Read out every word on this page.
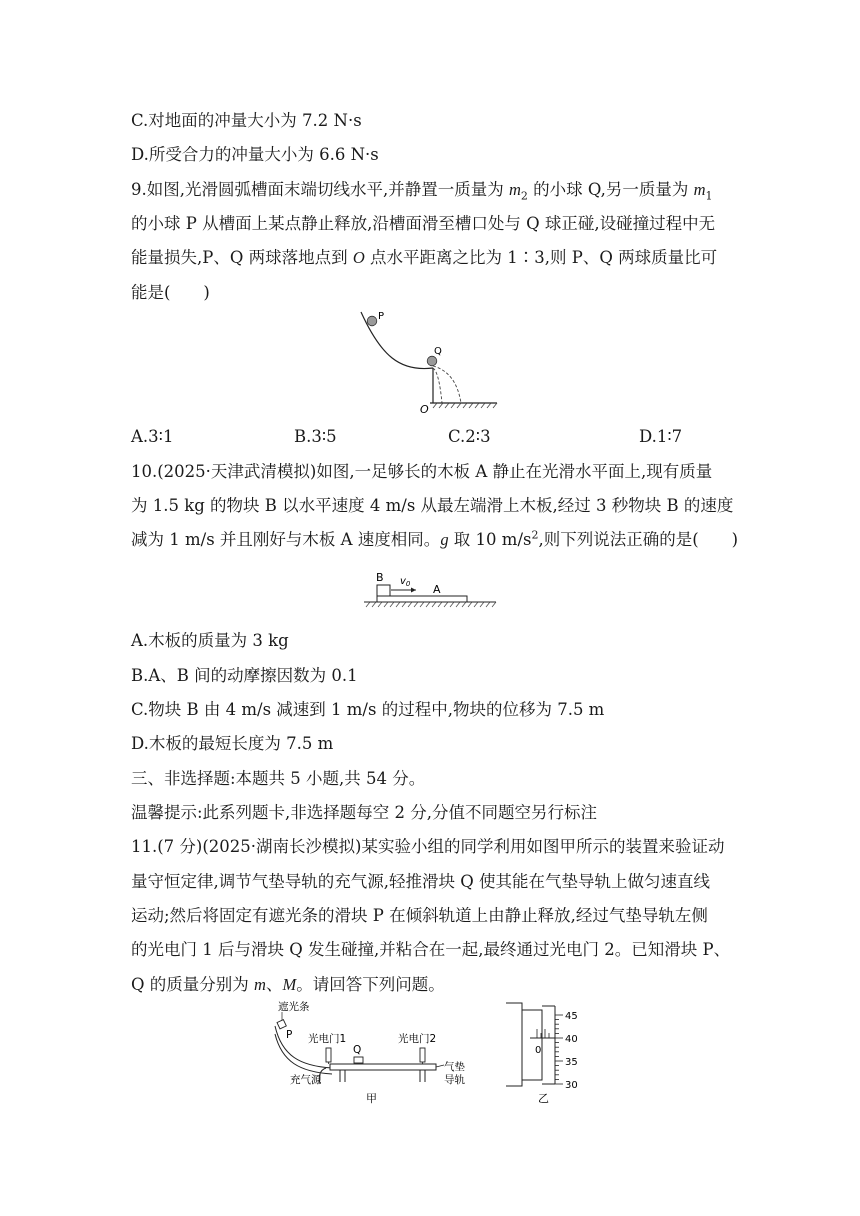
C.对地面的冲量大小为 7.2 N·s
D.所受合力的冲量大小为 6.6 N·s
9.如图,光滑圆弧槽面末端切线水平,并静置一质量为 $m_2$ 的小球 Q,另一质量为 $m_1$
的小球 P 从槽面上某点静止释放,沿槽面滑至槽口处与 Q 球正碰,设碰撞过程中无
能量损失,P、Q 两球落地点到 O 点水平距离之比为 1∶3,则 P、Q 两球质量比可
能是(　　)
P
Q
O
A.3∶1	B.3∶5	C.2∶3	D.1∶7
10.(2025·天津武清模拟)如图,一足够长的木板 A 静止在光滑水平面上,现有质量
为 1.5 kg 的物块 B 以水平速度 4 m/s 从最左端滑上木板,经过 3 秒物块 B 的速度
减为 1 m/s 并且刚好与木板 A 速度相同。g 取 10 $m/s^2$,则下列说法正确的是(　　)
B $v_0$ A
A.木板的质量为 3 kg
B.A、B 间的动摩擦因数为 0.1
C.物块 B 由 4 m/s 减速到 1 m/s 的过程中,物块的位移为 7.5 m
D.木板的最短长度为 7.5 m
三、非选择题:本题共 5 小题,共 54 分。
温馨提示:此系列题卡,非选择题每空 2 分,分值不同题空另行标注
11.(7 分)(2025·湖南长沙模拟)某实验小组的同学利用如图甲所示的装置来验证动
量守恒定律,调节气垫导轨的充气源,轻推滑块 Q 使其能在气垫导轨上做匀速直线
运动;然后将固定有遮光条的滑块 P 在倾斜轨道上由静止释放,经过气垫导轨左侧
的光电门 1 后与滑块 Q 发生碰撞,并粘合在一起,最终通过光电门 2。已知滑块 P、
Q 的质量分别为 m、M。请回答下列问题。
遮光条
P 光电门1	光电门2
Q
充气源
气垫
导轨
甲
0
45
40
35
30
乙
